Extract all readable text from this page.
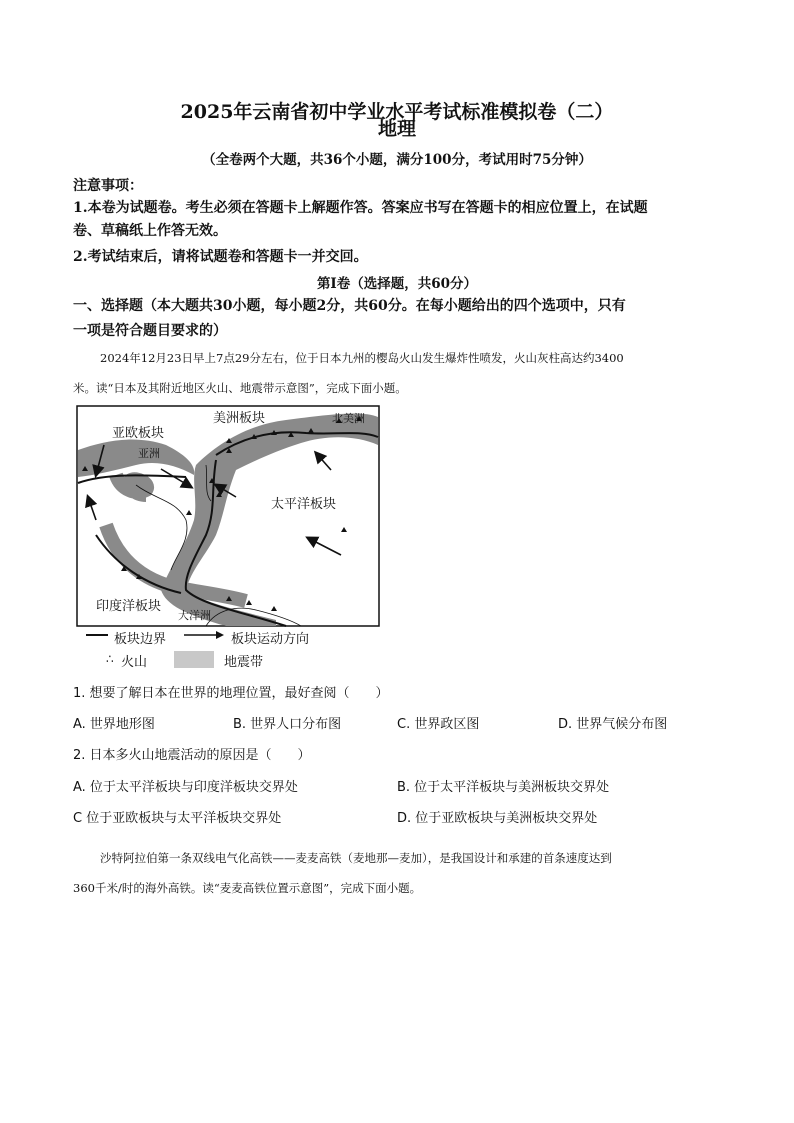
2025年云南省初中学业水平考试标准模拟卷（二）
地理
（全卷两个大题，共36个小题，满分100分，考试用时75分钟）
注意事项：
1.本卷为试题卷。考生必须在答题卡上解题作答。答案应书写在答题卡的相应位置上，在试题
卷、草稿纸上作答无效。
2.考试结束后，请将试题卷和答题卡一并交回。
第Ⅰ卷（选择题，共60分）
一、选择题（本大题共30小题，每小题2分，共60分。在每小题给出的四个选项中，只有
一项是符合题目要求的）
2024年12月23日早上7点29分左右，位于日本九州的樱岛火山发生爆炸性喷发，火山灰柱高达约3400
米。读“日本及其附近地区火山、地震带示意图”，完成下面小题。
亚欧板块
亚洲
美洲板块	北美洲
太平洋板块
印度洋板块
大洋洲
板块边界	板块运动方向
∴ 火山	地震带
1. 想要了解日本在世界的地理位置，最好查阅（　　）
A. 世界地形图	B. 世界人口分布图	C. 世界政区图	D. 世界气候分布图
2. 日本多火山地震活动的原因是（　　）
A. 位于太平洋板块与印度洋板块交界处	B. 位于太平洋板块与美洲板块交界处
C 位于亚欧板块与太平洋板块交界处	D. 位于亚欧板块与美洲板块交界处
沙特阿拉伯第一条双线电气化高铁——麦麦高铁（麦地那—麦加），是我国设计和承建的首条速度达到
360千米/时的海外高铁。读“麦麦高铁位置示意图”，完成下面小题。
